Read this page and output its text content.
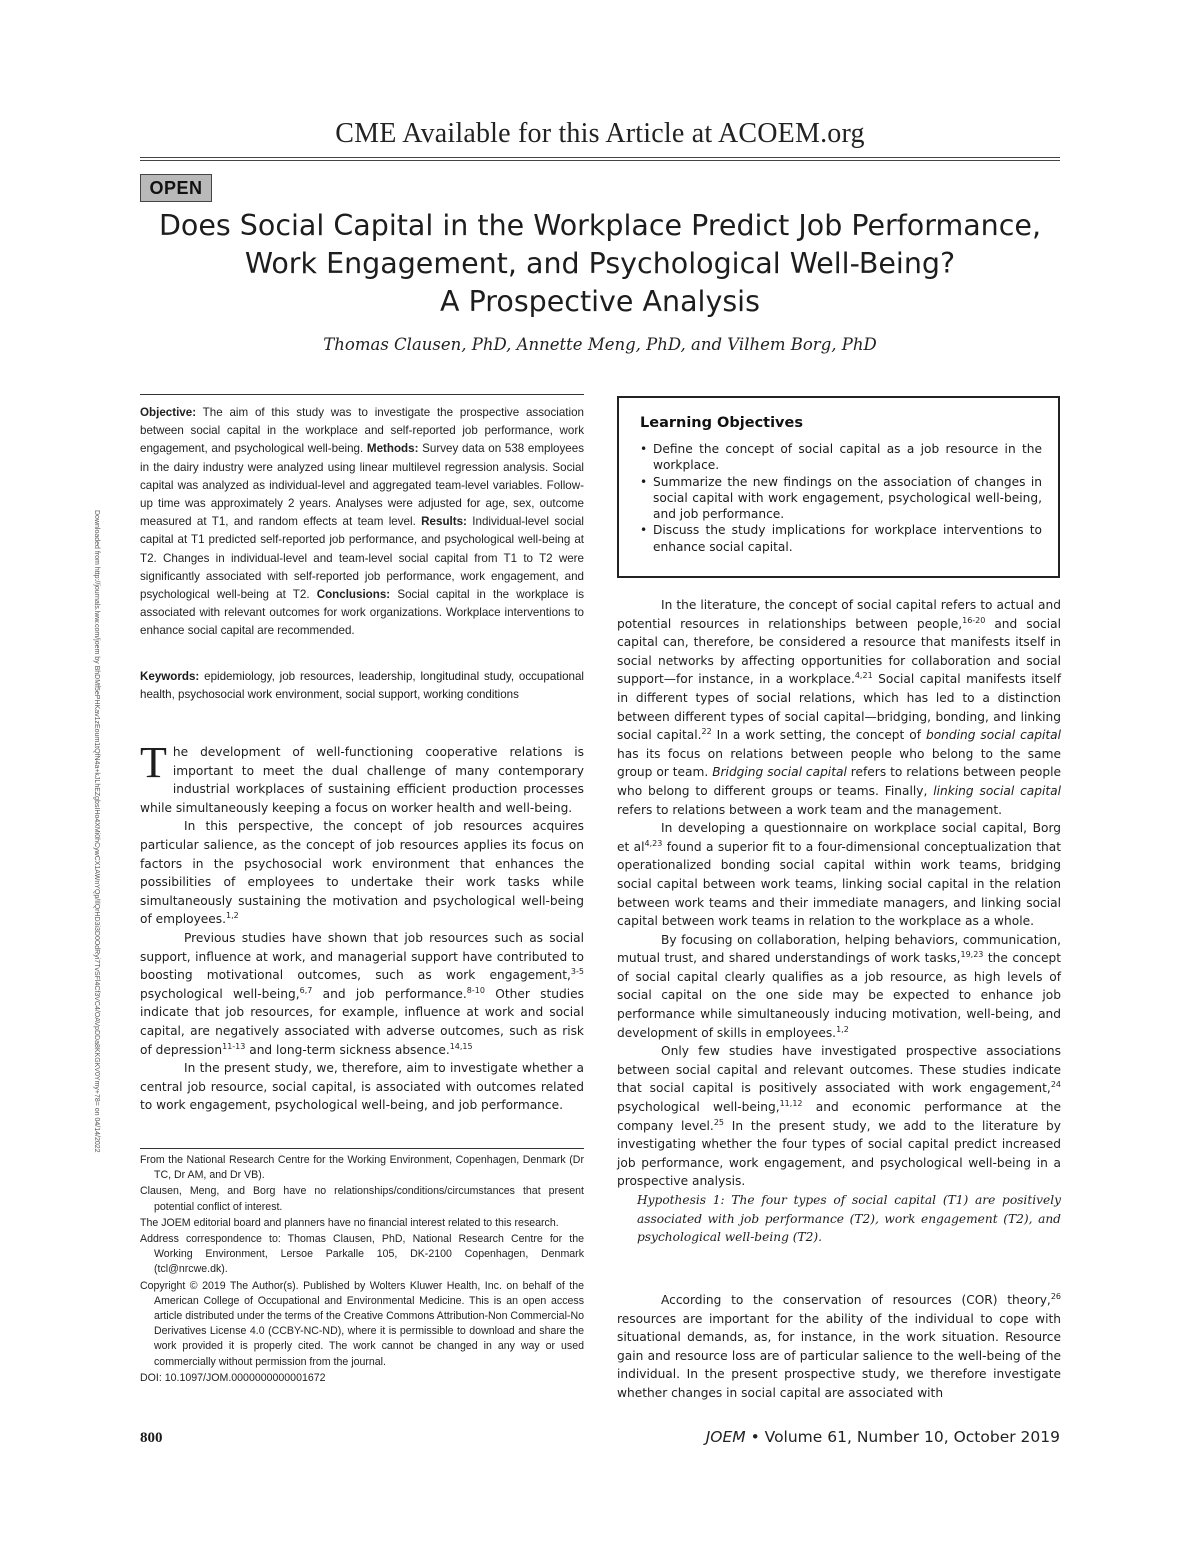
Downloaded from http://journals.lww.com/joem by BhDMf5ePHKav1zEoum1tQfN4a+kJLhEZgbsIHo4XMi0hCywCX1AWnYQp/IlQrHD3i3D0OdRyi7TvSFl4Cf3VC4/OAVpDDa8KKGKV0Ymy+78= on 04/14/2022
CME Available for this Article at ACOEM.org
OPEN
Does Social Capital in the Workplace Predict Job Performance,
Work Engagement, and Psychological Well-Being?
A Prospective Analysis
Thomas Clausen, PhD, Annette Meng, PhD, and Vilhem Borg, PhD
Objective: The aim of this study was to investigate the prospective association between social capital in the workplace and self-reported job performance, work engagement, and psychological well-being. Methods: Survey data on 538 employees in the dairy industry were analyzed using linear multilevel regression analysis. Social capital was analyzed as individual-level and aggregated team-level variables. Follow-up time was approximately 2 years. Analyses were adjusted for age, sex, outcome measured at T1, and random effects at team level. Results: Individual-level social capital at T1 predicted self-reported job performance, and psychological well-being at T2. Changes in individual-level and team-level social capital from T1 to T2 were significantly associated with self-reported job performance, work engagement, and psychological well-being at T2. Conclusions: Social capital in the workplace is associated with relevant outcomes for work organizations. Workplace interventions to enhance social capital are recommended.
Keywords: epidemiology, job resources, leadership, longitudinal study, occupational health, psychosocial work environment, social support, working conditions

The development of well-functioning cooperative relations is important to meet the dual challenge of many contemporary industrial workplaces of sustaining efficient production processes while simultaneously keeping a focus on worker health and well-being.

In this perspective, the concept of job resources acquires particular salience, as the concept of job resources applies its focus on factors in the psychosocial work environment that enhances the possibilities of employees to undertake their work tasks while simultaneously sustaining the motivation and psychological well-being of employees.$^{1,2}$

Previous studies have shown that job resources such as social support, influence at work, and managerial support have contributed to boosting motivational outcomes, such as work engagement,$^{3-5}$ psychological well-being,$^{6,7}$ and job performance.$^{8-10}$ Other studies indicate that job resources, for example, influence at work and social capital, are negatively associated with adverse outcomes, such as risk of depression$^{11-13}$ and long-term sickness absence.$^{14,15}$

In the present study, we, therefore, aim to investigate whether a central job resource, social capital, is associated with outcomes related to work engagement, psychological well-being, and job performance.

From the National Research Centre for the Working Environment, Copenhagen, Denmark (Dr TC, Dr AM, and Dr VB).
Clausen, Meng, and Borg have no relationships/conditions/circumstances that present potential conflict of interest.
The JOEM editorial board and planners have no financial interest related to this research.
Address correspondence to: Thomas Clausen, PhD, National Research Centre for the Working Environment, Lersoe Parkalle 105, DK-2100 Copenhagen, Denmark (tcl@nrcwe.dk).
Copyright © 2019 The Author(s). Published by Wolters Kluwer Health, Inc. on behalf of the American College of Occupational and Environmental Medicine. This is an open access article distributed under the terms of the Creative Commons Attribution-Non Commercial-No Derivatives License 4.0 (CCBY-NC-ND), where it is permissible to download and share the work provided it is properly cited. The work cannot be changed in any way or used commercially without permission from the journal.
DOI: 10.1097/JOM.0000000000001672
Learning Objectives
• Define the concept of social capital as a job resource in the workplace.
• Summarize the new findings on the association of changes in social capital with work engagement, psychological well-being, and job performance.
• Discuss the study implications for workplace interventions to enhance social capital.

In the literature, the concept of social capital refers to actual and potential resources in relationships between people,$^{16-20}$ and social capital can, therefore, be considered a resource that manifests itself in social networks by affecting opportunities for collaboration and social support—for instance, in a workplace.$^{4,21}$ Social capital manifests itself in different types of social relations, which has led to a distinction between different types of social capital—bridging, bonding, and linking social capital.$^{22}$ In a work setting, the concept of bonding social capital has its focus on relations between people who belong to the same group or team. Bridging social capital refers to relations between people who belong to different groups or teams. Finally, linking social capital refers to relations between a work team and the management.

In developing a questionnaire on workplace social capital, Borg et al$^{4,23}$ found a superior fit to a four-dimensional conceptualization that operationalized bonding social capital within work teams, bridging social capital between work teams, linking social capital in the relation between work teams and their immediate managers, and linking social capital between work teams in relation to the workplace as a whole.

By focusing on collaboration, helping behaviors, communication, mutual trust, and shared understandings of work tasks,$^{19,23}$ the concept of social capital clearly qualifies as a job resource, as high levels of social capital on the one side may be expected to enhance job performance while simultaneously inducing motivation, well-being, and development of skills in employees.$^{1,2}$

Only few studies have investigated prospective associations between social capital and relevant outcomes. These studies indicate that social capital is positively associated with work engagement,$^{24}$ psychological well-being,$^{11,12}$ and economic performance at the company level.$^{25}$ In the present study, we add to the literature by investigating whether the four types of social capital predict increased job performance, work engagement, and psychological well-being in a prospective analysis.

Hypothesis 1: The four types of social capital (T1) are positively associated with job performance (T2), work engagement (T2), and psychological well-being (T2).

According to the conservation of resources (COR) theory,$^{26}$ resources are important for the ability of the individual to cope with situational demands, as, for instance, in the work situation. Resource gain and resource loss are of particular salience to the well-being of the individual. In the present prospective study, we therefore investigate whether changes in social capital are associated with

800	JOEM • Volume 61, Number 10, October 2019
